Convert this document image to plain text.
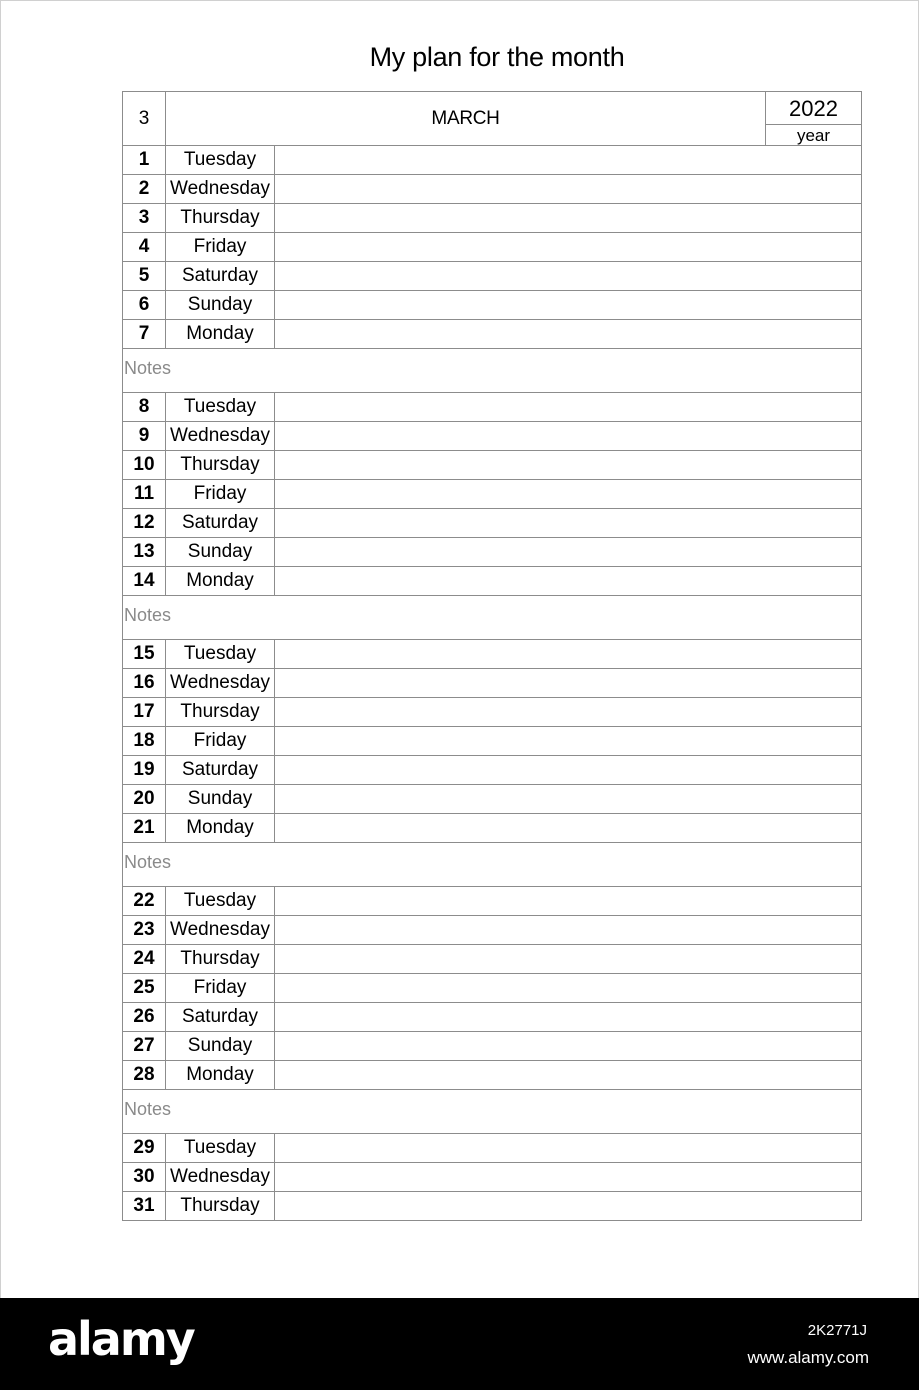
My plan for the month
3	MARCH		2022
year

1	Tuesday		
2	Wednesday		
3	Thursday		
4	Friday		
5	Saturday		
6	Sunday		
7	Monday		

Notes			

8	Tuesday		
9	Wednesday		
10	Thursday		
11	Friday		
12	Saturday		
13	Sunday		
14	Monday		

Notes			

15	Tuesday		
16	Wednesday		
17	Thursday		
18	Friday		
19	Saturday		
20	Sunday		
21	Monday		

Notes			

22	Tuesday		
23	Wednesday		
24	Thursday		
25	Friday		
26	Saturday		
27	Sunday		
28	Monday		

Notes			

29	Tuesday		
30	Wednesday		
31	Thursday		
alamy	2K2771J
www.alamy.com
